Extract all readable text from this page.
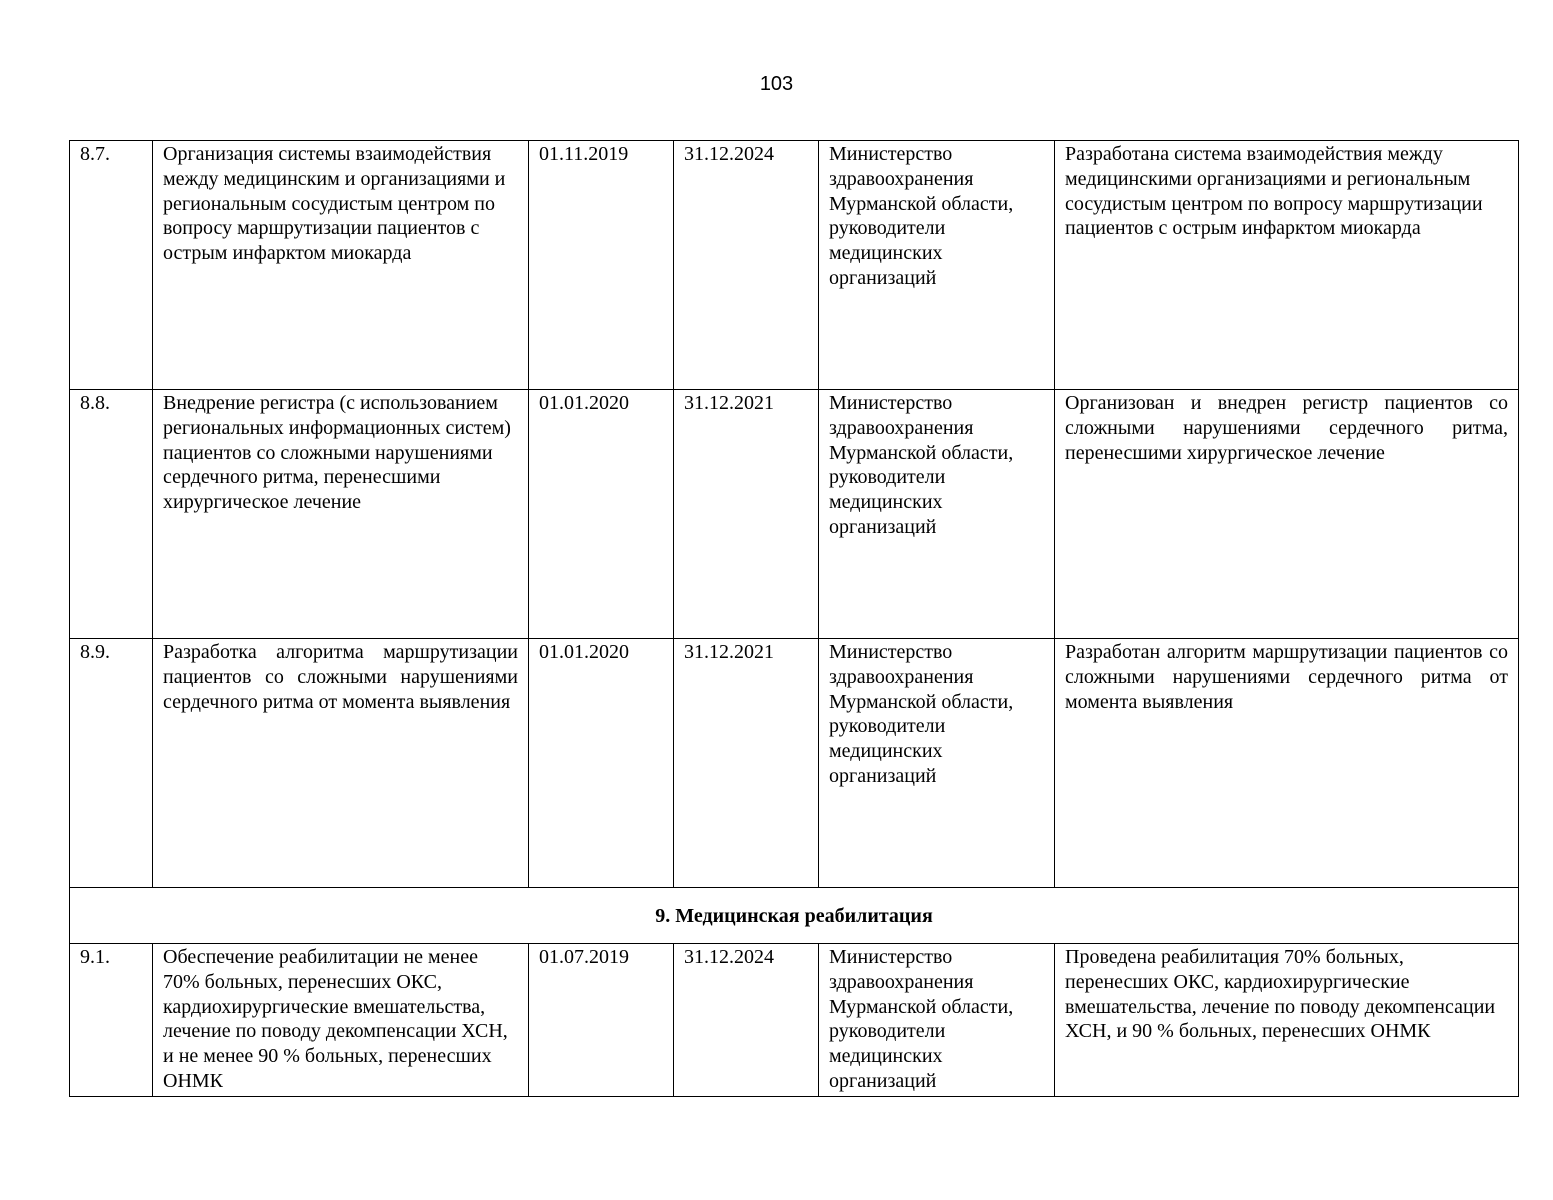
103
8.7.	Организация системы взаимодействия между медицинским и организациями и региональным сосудистым центром по вопросу маршрутизации пациентов с острым инфарктом миокарда	01.11.2019	31.12.2024	Министерство здравоохранения Мурманской области, руководители медицинских организаций	Разработана система взаимодействия между медицинскими организациями и региональным сосудистым центром по вопросу маршрутизации пациентов с острым инфарктом миокарда
8.8.	Внедрение регистра (с использованием региональных информационных систем) пациентов со сложными нарушениями сердечного ритма, перенесшими хирургическое лечение	01.01.2020	31.12.2021	Министерство здравоохранения Мурманской области, руководители медицинских организаций	Организован и внедрен регистр пациентов со сложными нарушениями сердечного ритма, перенесшими хирургическое лечение
8.9.	Разработка алгоритма маршрутизации пациентов со сложными нарушениями сердечного ритма от момента выявления	01.01.2020	31.12.2021	Министерство здравоохранения Мурманской области, руководители медицинских организаций	Разработан алгоритм маршрутизации пациентов со сложными нарушениями сердечного ритма от момента выявления
9. Медицинская реабилитация					
9.1.	Обеспечение реабилитации не менее 70% больных, перенесших ОКС, кардиохирургические вмешательства, лечение по поводу декомпенсации ХСН, и не менее 90 % больных, перенесших ОНМК	01.07.2019	31.12.2024	Министерство здравоохранения Мурманской области, руководители медицинских организаций	Проведена реабилитация 70% больных, перенесших ОКС, кардиохирургические вмешательства, лечение по поводу декомпенсации ХСН, и 90 % больных, перенесших ОНМК
